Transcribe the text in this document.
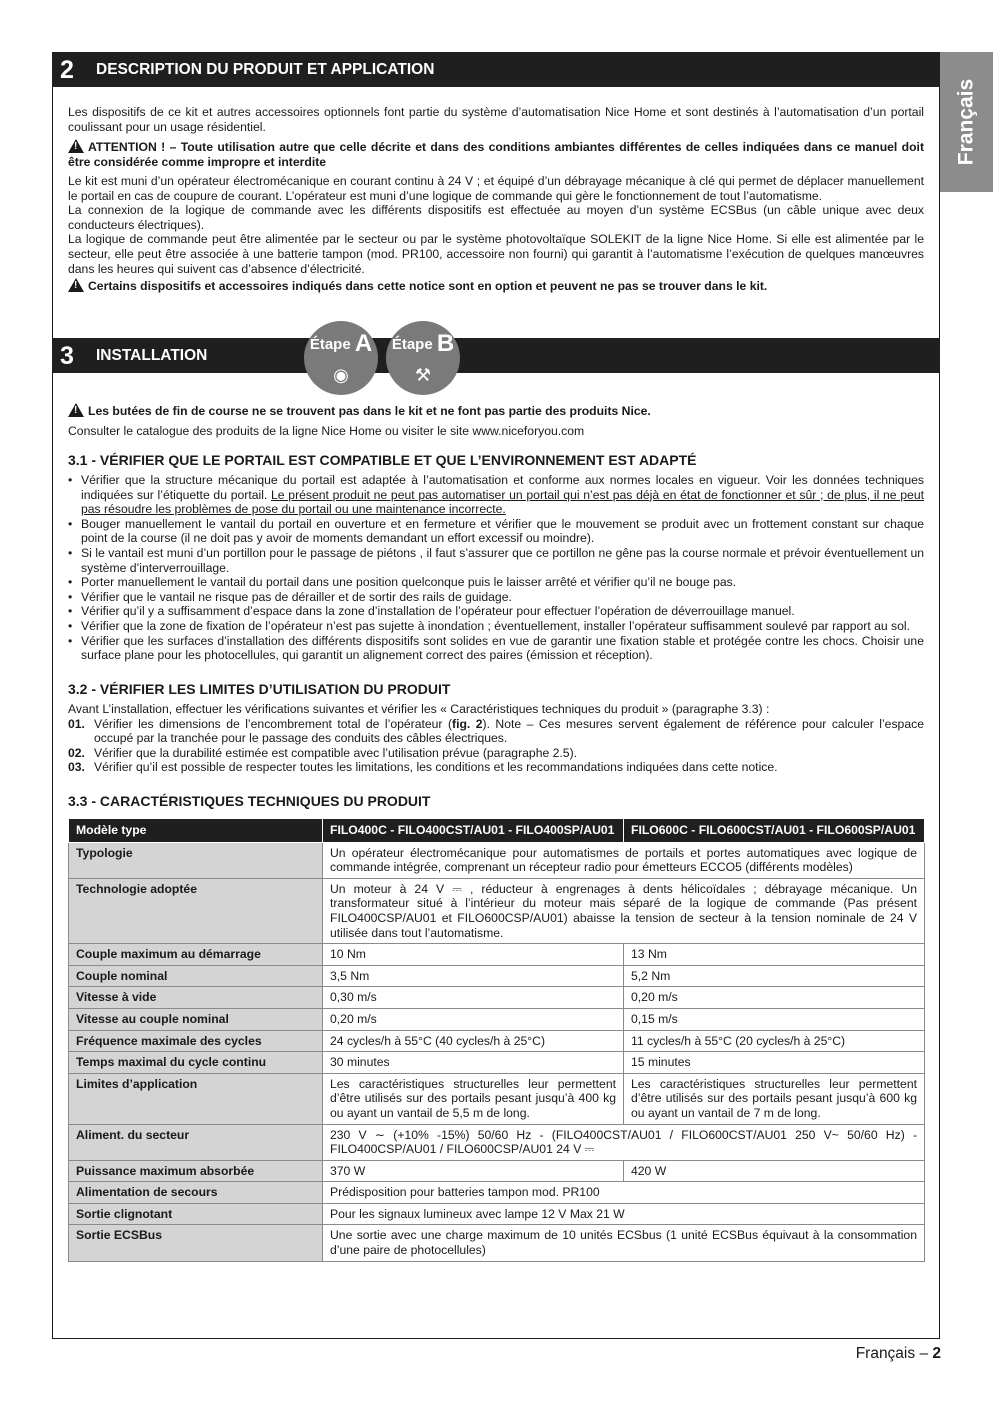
Français
2 DESCRIPTION DU PRODUIT ET APPLICATION
Les dispositifs de ce kit et autres accessoires optionnels font partie du système d’automatisation Nice Home et sont destinés à l’automatisation d’un portail coulissant pour un usage résidentiel.
!ATTENTION ! – Toute utilisation autre que celle décrite et dans des conditions ambiantes différentes de celles indiquées dans ce manuel doit être considérée comme impropre et interdite
Le kit est muni d’un opérateur électromécanique en courant continu à 24 V ; et équipé d’un débrayage mécanique à clé qui permet de déplacer manuellement le portail en cas de coupure de courant. L’opérateur est muni d’une logique de commande qui gère le fonctionnement de tout l’automatisme.
La connexion de la logique de commande avec les différents dispositifs est effectuée au moyen d’un système ECSBus (un câble unique avec deux conducteurs électriques).
La logique de commande peut être alimentée par le secteur ou par le système photovoltaïque SOLEKIT de la ligne Nice Home. Si elle est alimentée par le secteur, elle peut être associée à une batterie tampon (mod. PR100, accessoire non fourni) qui garantit à l’automatisme l’exécution de quelques manœuvres dans les heures qui suivent cas d’absence d’électricité.
!Certains dispositifs et accessoires indiqués dans cette notice sont en option et peuvent ne pas se trouver dans le kit.
3 INSTALLATION
Étape A
◉
Étape B
⚒
!Les butées de fin de course ne se trouvent pas dans le kit et ne font pas partie des produits Nice.
Consulter le catalogue des produits de la ligne Nice Home ou visiter le site www.niceforyou.com
3.1 - VÉRIFIER QUE LE PORTAIL EST COMPATIBLE ET QUE L’ENVIRONNEMENT EST ADAPTÉ
• Vérifier que la structure mécanique du portail est adaptée à l’automatisation et conforme aux normes locales en vigueur. Voir les données techniques indiquées sur l’étiquette du portail. Le présent produit ne peut pas automatiser un portail qui n’est pas déjà en état de fonctionner et sûr ; de plus, il ne peut pas résoudre les problèmes de pose du portail ou une maintenance incorrecte.
• Bouger manuellement le vantail du portail en ouverture et en fermeture et vérifier que le mouvement se produit avec un frottement constant sur chaque point de la course (il ne doit pas y avoir de moments demandant un effort excessif ou moindre).
• Si le vantail est muni d’un portillon pour le passage de piétons , il faut s’assurer que ce portillon ne gêne pas la course normale et prévoir éventuellement un système d’interverrouillage.
• Porter manuellement le vantail du portail dans une position quelconque puis le laisser arrêté et vérifier qu’il ne bouge pas.
• Vérifier que le vantail ne risque pas de dérailler et de sortir des rails de guidage.
• Vérifier qu’il y a suffisamment d’espace dans la zone d’installation de l’opérateur pour effectuer l’opération de déverrouillage manuel.
• Vérifier que la zone de fixation de l’opérateur n’est pas sujette à inondation ; éventuellement, installer l’opérateur suffisamment soulevé par rapport au sol.
• Vérifier que les surfaces d’installation des différents dispositifs sont solides en vue de garantir une fixation stable et protégée contre les chocs. Choisir une surface plane pour les photocellules, qui garantit un alignement correct des paires (émission et réception).
3.2 - VÉRIFIER LES LIMITES D’UTILISATION DU PRODUIT
Avant L’installation, effectuer les vérifications suivantes et vérifier les « Caractéristiques techniques du produit » (paragraphe 3.3) :
01. Vérifier les dimensions de l’encombrement total de l’opérateur (fig. 2). Note – Ces mesures servent également de référence pour calculer l’espace occupé par la tranchée pour le passage des conduits des câbles électriques.
02. Vérifier que la durabilité estimée est compatible avec l’utilisation prévue (paragraphe 2.5).
03. Vérifier qu’il est possible de respecter toutes les limitations, les conditions et les recommandations indiquées dans cette notice.
3.3 - CARACTÉRISTIQUES TECHNIQUES DU PRODUIT
Modèle type	FILO400C - FILO400CST/AU01 - FILO400SP/AU01	FILO600C - FILO600CST/AU01 - FILO600SP/AU01
Typologie	Un opérateur électromécanique pour automatismes de portails et portes automatiques avec logique de commande intégrée, comprenant un récepteur radio pour émetteurs ECCO5 (différents modèles)	
Technologie adoptée	Un moteur à 24 V ⎓ , réducteur à engrenages à dents hélicoïdales ; débrayage mécanique. Un transformateur situé à l’intérieur du moteur mais séparé de la logique de commande (Pas présent FILO400CSP/AU01 et FILO600CSP/AU01) abaisse la tension de secteur à la tension nominale de 24 V utilisée dans tout l’automatisme.	
Couple maximum au démarrage	10 Nm	13 Nm
Couple nominal	3,5 Nm	5,2 Nm
Vitesse à vide	0,30 m/s	0,20 m/s
Vitesse au couple nominal	0,20 m/s	0,15 m/s
Fréquence maximale des cycles	24 cycles/h à 55°C (40 cycles/h à 25°C)	11 cycles/h à 55°C (20 cycles/h à 25°C)
Temps maximal du cycle continu	30 minutes	15 minutes
Limites d’application	Les caractéristiques structurelles leur permettent d’être utilisés sur des portails pesant jusqu’à 400 kg ou ayant un vantail de 5,5 m de long.	Les caractéristiques structurelles leur permettent d’être utilisés sur des portails pesant jusqu’à 600 kg ou ayant un vantail de 7 m de long.
Aliment. du secteur	230 V ∼ (+10% -15%) 50/60 Hz - (FILO400CST/AU01 / FILO600CST/AU01 250 V~ 50/60 Hz) - FILO400CSP/AU01 / FILO600CSP/AU01 24 V ⎓	
Puissance maximum absorbée	370 W	420 W
Alimentation de secours	Prédisposition pour batteries tampon mod. PR100	
Sortie clignotant	Pour les signaux lumineux avec lampe 12 V Max 21 W	
Sortie ECSBus	Une sortie avec une charge maximum de 10 unités ECSbus (1 unité ECSBus équivaut à la consommation d’une paire de photocellules)	
Français – 2
